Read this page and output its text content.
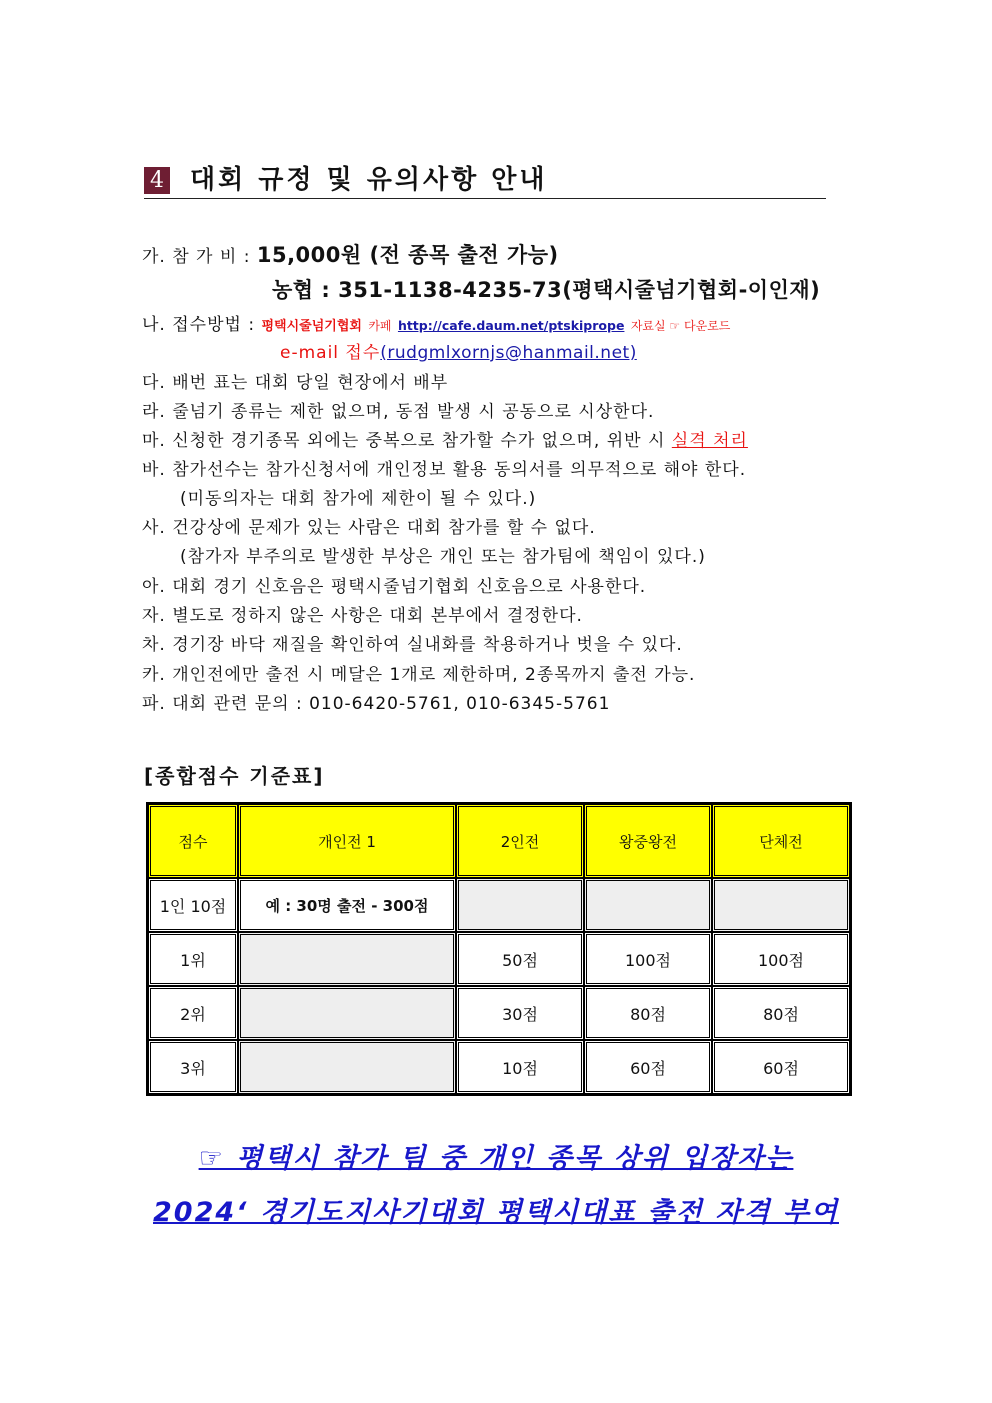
4 대회 규정 및 유의사항 안내
가. 참 가 비 : 15,000원 (전 종목 출전 가능)
농협 : 351-1138-4235-73(평택시줄넘기협회-이인재)
나. 접수방법 : 평택시줄넘기협회 카페 http://cafe.daum.net/ptskiprope 자료실 ☞ 다운로드
e-mail 접수(rudgmlxornjs@hanmail.net)
다. 배번 표는 대회 당일 현장에서 배부
라. 줄넘기 종류는 제한 없으며, 동점 발생 시 공동으로 시상한다.
마. 신청한 경기종목 외에는 중복으로 참가할 수가 없으며, 위반 시 실격 처리
바. 참가선수는 참가신청서에 개인정보 활용 동의서를 의무적으로 해야 한다.
(미동의자는 대회 참가에 제한이 될 수 있다.)
사. 건강상에 문제가 있는 사람은 대회 참가를 할 수 없다.
(참가자 부주의로 발생한 부상은 개인 또는 참가팀에 책임이 있다.)
아. 대회 경기 신호음은 평택시줄넘기협회 신호음으로 사용한다.
자. 별도로 정하지 않은 사항은 대회 본부에서 결정한다.
차. 경기장 바닥 재질을 확인하여 실내화를 착용하거나 벗을 수 있다.
카. 개인전에만 출전 시 메달은 1개로 제한하며, 2종목까지 출전 가능.
파. 대회 관련 문의 : 010-6420-5761, 010-6345-5761
[종합점수 기준표]
점수	개인전 1	2인전	왕중왕전	단체전
1인 10점	예 : 30명 출전 - 300점			
1위		50점	100점	100점
2위		30점	80점	80점
3위		10점	60점	60점
☞ 평택시 참가 팀 중 개인 종목 상위 입장자는
2024‘ 경기도지사기대회 평택시대표 출전 자격 부여
